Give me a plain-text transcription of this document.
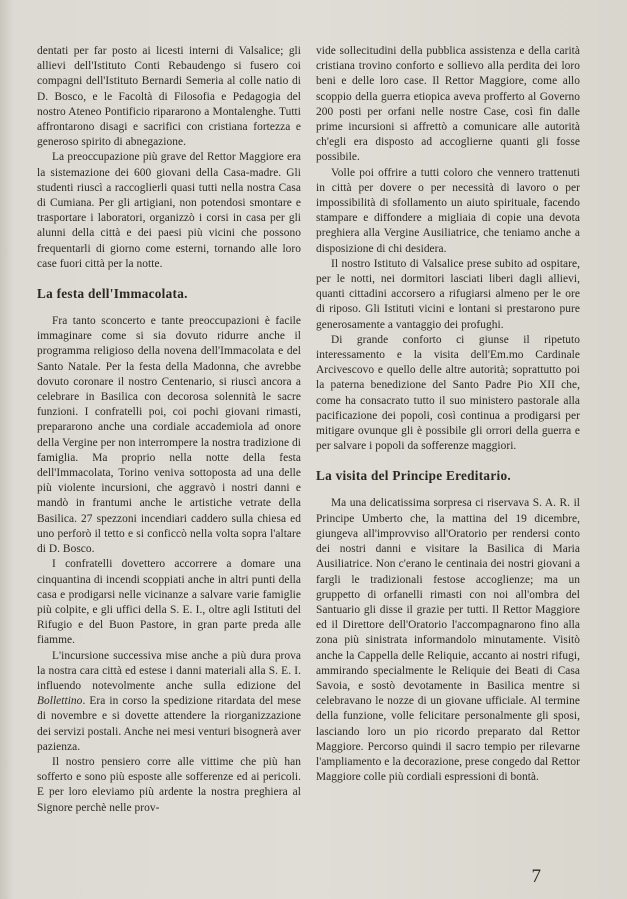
dentati per far posto ai licesti interni di Valsalice; gli allievi dell'Istituto Conti Rebaudengo si fusero coi compagni dell'Istituto Bernardi Semeria al colle natio di D. Bosco, e le Facoltà di Filosofia e Pedagogia del nostro Ateneo Pontificio ripararono a Montalenghe. Tutti affrontarono disagi e sacrifici con cristiana fortezza e generoso spirito di abnegazione.

La preoccupazione più grave del Rettor Maggiore era la sistemazione dei 600 giovani della Casa-madre. Gli studenti riuscì a raccoglierli quasi tutti nella nostra Casa di Cumiana. Per gli artigiani, non potendosi smontare e trasportare i laboratori, organizzò i corsi in casa per gli alunni della città e dei paesi più vicini che possono frequentarli di giorno come esterni, tornando alle loro case fuori città per la notte.

La festa dell'Immacolata.

Fra tanto sconcerto e tante preoccupazioni è facile immaginare come si sia dovuto ridurre anche il programma religioso della novena dell'Immacolata e del Santo Natale. Per la festa della Madonna, che avrebbe dovuto coronare il nostro Centenario, si riuscì ancora a celebrare in Basilica con decorosa solennità le sacre funzioni. I confratelli poi, coi pochi giovani rimasti, prepararono anche una cordiale accademiola ad onore della Vergine per non interrompere la nostra tradizione di famiglia. Ma proprio nella notte della festa dell'Immacolata, Torino veniva sottoposta ad una delle più violente incursioni, che aggravò i nostri danni e mandò in frantumi anche le artistiche vetrate della Basilica. 27 spezzoni incendiari caddero sulla chiesa ed uno perforò il tetto e si conficcò nella volta sopra l'altare di D. Bosco.

I confratelli dovettero accorrere a domare una cinquantina di incendi scoppiati anche in altri punti della casa e prodigarsi nelle vicinanze a salvare varie famiglie più colpite, e gli uffici della S. E. I., oltre agli Istituti del Rifugio e del Buon Pastore, in gran parte preda alle fiamme.

L'incursione successiva mise anche a più dura prova la nostra cara città ed estese i danni materiali alla S. E. I. influendo notevolmente anche sulla edizione del Bollettino. Era in corso la spedizione ritardata del mese di novembre e si dovette attendere la riorganizzazione dei servizi postali. Anche nei mesi venturi bisognerà aver pazienza.

Il nostro pensiero corre alle vittime che più han sofferto e sono più esposte alle sofferenze ed ai pericoli. E per loro eleviamo più ardente la nostra preghiera al Signore perchè nelle prov-

vide sollecitudini della pubblica assistenza e della carità cristiana trovino conforto e sollievo alla perdita dei loro beni e delle loro case. Il Rettor Maggiore, come allo scoppio della guerra etiopica aveva profferto al Governo 200 posti per orfani nelle nostre Case, così fin dalle prime incursioni si affrettò a comunicare alle autorità ch'egli era disposto ad accoglierne quanti gli fosse possibile.

Volle poi offrire a tutti coloro che vennero trattenuti in città per dovere o per necessità di lavoro o per impossibilità di sfollamento un aiuto spirituale, facendo stampare e diffondere a migliaia di copie una devota preghiera alla Vergine Ausiliatrice, che teniamo anche a disposizione di chi desidera.

Il nostro Istituto di Valsalice prese subito ad ospitare, per le notti, nei dormitori lasciati liberi dagli allievi, quanti cittadini accorsero a rifugiarsi almeno per le ore di riposo. Gli Istituti vicini e lontani si prestarono pure generosamente a vantaggio dei profughi.

Di grande conforto ci giunse il ripetuto interessamento e la visita dell'Em.mo Cardinale Arcivescovo e quello delle altre autorità; soprattutto poi la paterna benedizione del Santo Padre Pio XII che, come ha consacrato tutto il suo ministero pastorale alla pacificazione dei popoli, così continua a prodigarsi per mitigare ovunque gli è possibile gli orrori della guerra e per salvare i popoli da sofferenze maggiori.

La visita del Principe Ereditario.

Ma una delicatissima sorpresa ci riservava S. A. R. il Principe Umberto che, la mattina del 19 dicembre, giungeva all'improvviso all'Oratorio per rendersi conto dei nostri danni e visitare la Basilica di Maria Ausiliatrice. Non c'erano le centinaia dei nostri giovani a fargli le tradizionali festose accoglienze; ma un gruppetto di orfanelli rimasti con noi all'ombra del Santuario gli disse il grazie per tutti. Il Rettor Maggiore ed il Direttore dell'Oratorio l'accompagnarono fino alla zona più sinistrata informandolo minutamente. Visitò anche la Cappella delle Reliquie, accanto ai nostri rifugi, ammirando specialmente le Reliquie dei Beati di Casa Savoia, e sostò devotamente in Basilica mentre si celebravano le nozze di un giovane ufficiale. Al termine della funzione, volle felicitare personalmente gli sposi, lasciando loro un pio ricordo preparato dal Rettor Maggiore. Percorso quindi il sacro tempio per rilevarne l'ampliamento e la decorazione, prese congedo dal Rettor Maggiore colle più cordiali espressioni di bontà.

7
